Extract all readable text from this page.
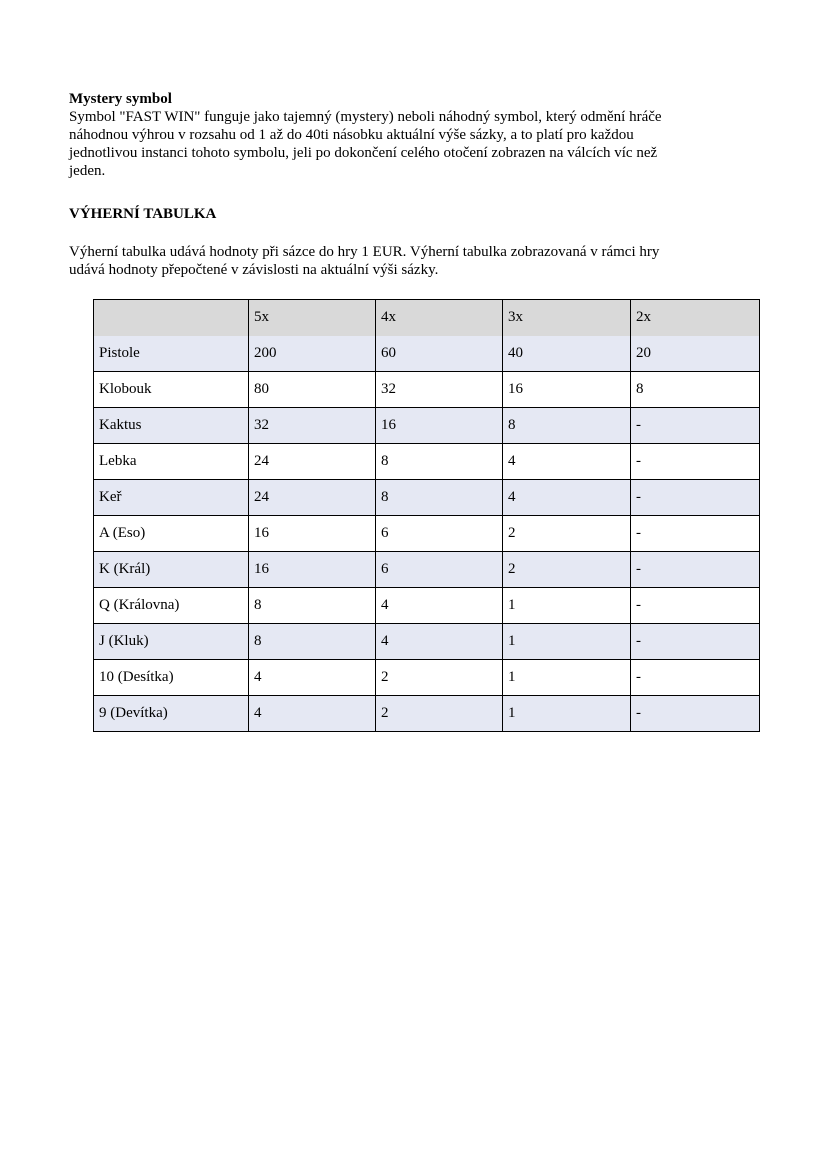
Mystery symbol

Symbol "FAST WIN" funguje jako tajemný (mystery) neboli náhodný symbol, který odmění hráče
náhodnou výhrou v rozsahu od 1 až do 40ti násobku aktuální výše sázky, a to platí pro každou
jednotlivou instanci tohoto symbolu, jeli po dokončení celého otočení zobrazen na válcích víc než
jeden.

VÝHERNÍ TABULKA

Výherní tabulka udává hodnoty při sázce do hry 1 EUR. Výherní tabulka zobrazovaná v rámci hry
udává hodnoty přepočtené v závislosti na aktuální výši sázky.

	5x	4x	3x	2x
Pistole	200	60	40	20
Klobouk	80	32	16	8
Kaktus	32	16	8	-
Lebka	24	8	4	-
Keř	24	8	4	-
A (Eso)	16	6	2	-
K (Král)	16	6	2	-
Q (Královna)	8	4	1	-
J (Kluk)	8	4	1	-
10 (Desítka)	4	2	1	-
9 (Devítka)	4	2	1	-
